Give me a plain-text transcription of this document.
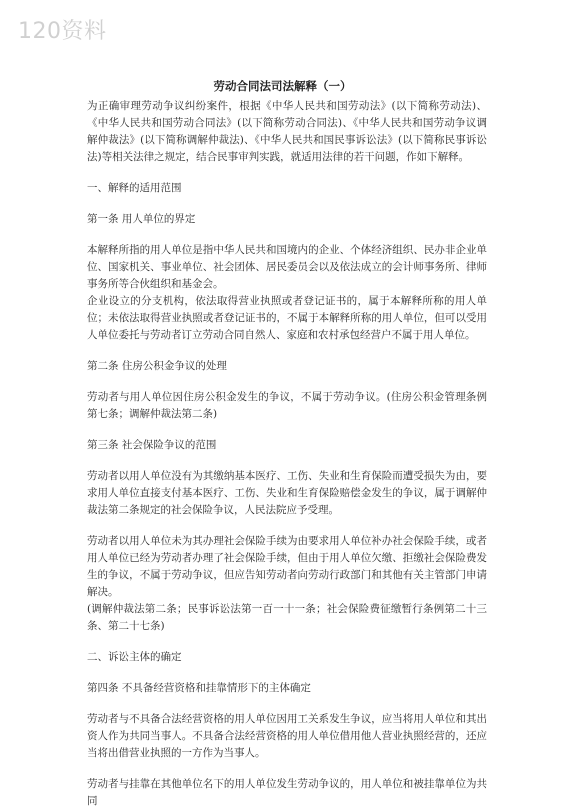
120资料
劳动合同法司法解释（一）

为正确审理劳动争议纠纷案件，根据《中华人民共和国劳动法》(以下简称劳动法)、《中华人民共和国劳动合同法》(以下简称劳动合同法)、《中华人民共和国劳动争议调解仲裁法》(以下简称调解仲裁法)、《中华人民共和国民事诉讼法》(以下简称民事诉讼法)等相关法律之规定，结合民事审判实践，就适用法律的若干问题，作如下解释。

一、解释的适用范围

第一条 用人单位的界定

本解释所指的用人单位是指中华人民共和国境内的企业、个体经济组织、民办非企业单位、国家机关、事业单位、社会团体、居民委员会以及依法成立的会计师事务所、律师事务所等合伙组织和基金会。

企业设立的分支机构，依法取得营业执照或者登记证书的，属于本解释所称的用人单位；未依法取得营业执照或者登记证书的，不属于本解释所称的用人单位，但可以受用人单位委托与劳动者订立劳动合同自然人、家庭和农村承包经营户不属于用人单位。

第二条 住房公积金争议的处理

劳动者与用人单位因住房公积金发生的争议，不属于劳动争议。(住房公积金管理条例第七条；调解仲裁法第二条)

第三条 社会保险争议的范围

劳动者以用人单位没有为其缴纳基本医疗、工伤、失业和生育保险而遭受损失为由，要求用人单位直接支付基本医疗、工伤、失业和生育保险赔偿金发生的争议，属于调解仲裁法第二条规定的社会保险争议，人民法院应予受理。

劳动者以用人单位未为其办理社会保险手续为由要求用人单位补办社会保险手续，或者用人单位已经为劳动者办理了社会保险手续，但由于用人单位欠缴、拒缴社会保险费发生的争议，不属于劳动争议，但应告知劳动者向劳动行政部门和其他有关主管部门申请解决。

(调解仲裁法第二条；民事诉讼法第一百一十一条；社会保险费征缴暂行条例第二十三条、第二十七条)

二、诉讼主体的确定

第四条 不具备经营资格和挂靠情形下的主体确定

劳动者与不具备合法经营资格的用人单位因用工关系发生争议，应当将用人单位和其出资人作为共同当事人。不具备合法经营资格的用人单位借用他人营业执照经营的，还应当将出借营业执照的一方作为当事人。

劳动者与挂靠在其他单位名下的用人单位发生劳动争议的，用人单位和被挂靠单位为共同
